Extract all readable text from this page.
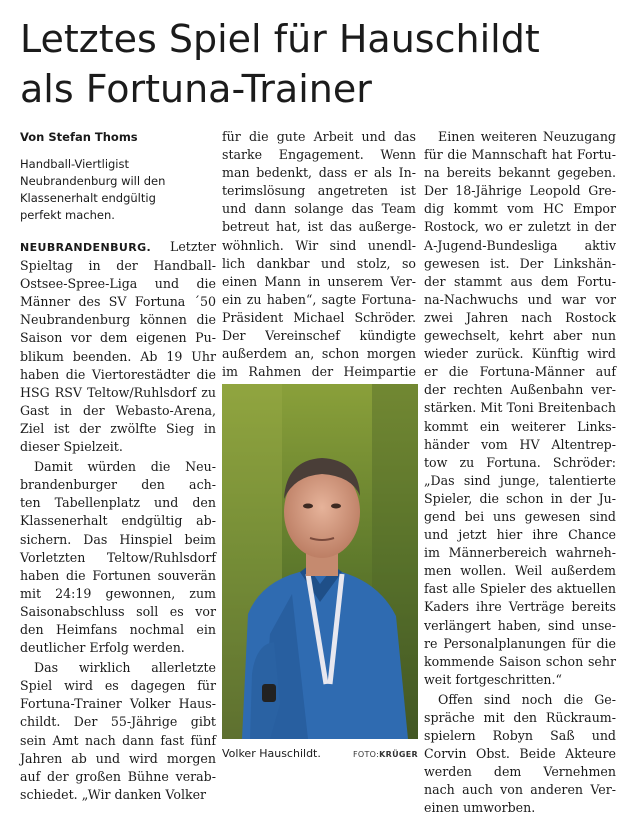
Letztes Spiel für Hauschildt
als Fortuna-Trainer
Von Stefan Thoms
Handball-Viertligist
Neubrandenburg will den
Klassenerhalt endgültig
perfekt machen.
NEUBRANDENBURG. Letzter
Spieltag in der Handball-
Ostsee-Spree-Liga und die
Männer des SV Fortuna ´50
Neubrandenburg können die
Saison vor dem eigenen Pu-
blikum beenden. Ab 19 Uhr
haben die Viertorestädter die
HSG RSV Teltow/Ruhlsdorf zu
Gast in der Webasto-Arena,
Ziel ist der zwölfte Sieg in
dieser Spielzeit.
Damit würden die Neu-
brandenburger den ach-
ten Tabellenplatz und den
Klassenerhalt endgültig ab-
sichern. Das Hinspiel beim
Vorletzten Teltow/Ruhlsdorf
haben die Fortunen souverän
mit 24:19 gewonnen, zum
Saisonabschluss soll es vor
den Heimfans nochmal ein
deutlicher Erfolg werden.
Das wirklich allerletzte
Spiel wird es dagegen für
Fortuna-Trainer Volker Haus-
childt. Der 55-Jährige gibt
sein Amt nach dann fast fünf
Jahren ab und wird morgen
auf der großen Bühne verab-
schiedet. „Wir danken Volker
für die gute Arbeit und das
starke Engagement. Wenn
man bedenkt, dass er als In-
terimslösung angetreten ist
und dann solange das Team
betreut hat, ist das außerge-
wöhnlich. Wir sind unendl-
lich dankbar und stolz, so
einen Mann in unserem Ver-
ein zu haben“, sagte Fortuna-
Präsident Michael Schröder.
Der Vereinschef kündigte
außerdem an, schon morgen
im Rahmen der Heimpartie
Volker Hauschildt.	FOTO:KRÜGER
Einen weiteren Neuzugang
für die Mannschaft hat Fortu-
na bereits bekannt gegeben.
Der 18-Jährige Leopold Gre-
dig kommt vom HC Empor
Rostock, wo er zuletzt in der
A-Jugend-Bundesliga aktiv
gewesen ist. Der Linkshän-
der stammt aus dem Fortu-
na-Nachwuchs und war vor
zwei Jahren nach Rostock
gewechselt, kehrt aber nun
wieder zurück. Künftig wird
er die Fortuna-Männer auf
der rechten Außenbahn ver-
stärken. Mit Toni Breitenbach
kommt ein weiterer Links-
händer vom HV Altentrep-
tow zu Fortuna. Schröder:
„Das sind junge, talentierte
Spieler, die schon in der Ju-
gend bei uns gewesen sind
und jetzt hier ihre Chance
im Männerbereich wahrneh-
men wollen. Weil außerdem
fast alle Spieler des aktuellen
Kaders ihre Verträge bereits
verlängert haben, sind unse-
re Personalplanungen für die
kommende Saison schon sehr
weit fortgeschritten.“
Offen sind noch die Ge-
spräche mit den Rückraum-
spielern Robyn Saß und
Corvin Obst. Beide Akteure
werden dem Vernehmen
nach auch von anderen Ver-
einen umworben.
